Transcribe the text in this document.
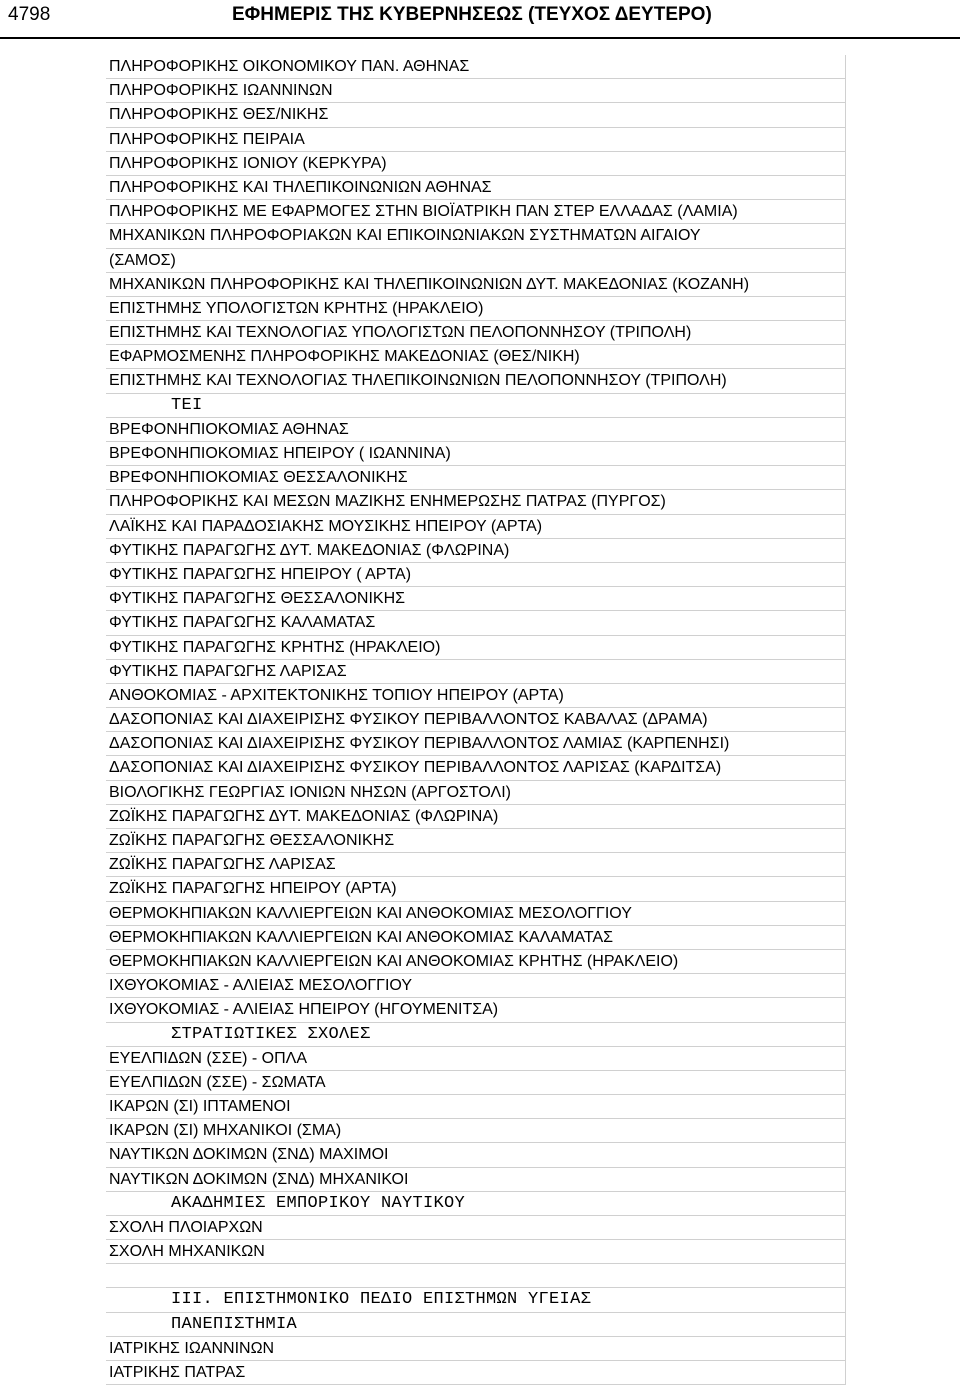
4798	ΕΦΗΜΕΡΙΣ ΤΗΣ ΚΥΒΕΡΝΗΣΕΩΣ (ΤΕΥΧΟΣ ΔΕΥΤΕΡΟ)
ΠΛΗΡΟΦΟΡΙΚΗΣ ΟΙΚΟΝΟΜΙΚΟΥ ΠΑΝ. ΑΘΗΝΑΣ
ΠΛΗΡΟΦΟΡΙΚΗΣ ΙΩΑΝΝΙΝΩΝ
ΠΛΗΡΟΦΟΡΙΚΗΣ ΘΕΣ/ΝΙΚΗΣ
ΠΛΗΡΟΦΟΡΙΚΗΣ ΠΕΙΡΑΙΑ
ΠΛΗΡΟΦΟΡΙΚΗΣ ΙΟΝΙΟΥ (ΚΕΡΚΥΡΑ)
ΠΛΗΡΟΦΟΡΙΚΗΣ ΚΑΙ ΤΗΛΕΠΙΚΟΙΝΩΝΙΩΝ ΑΘΗΝΑΣ
ΠΛΗΡΟΦΟΡΙΚΗΣ ΜΕ ΕΦΑΡΜΟΓΕΣ ΣΤΗΝ ΒΙΟΪΑΤΡΙΚΗ ΠΑΝ ΣΤΕΡ ΕΛΛΑΔΑΣ (ΛΑΜΙΑ)
ΜΗΧΑΝΙΚΩΝ ΠΛΗΡΟΦΟΡΙΑΚΩΝ ΚΑΙ ΕΠΙΚΟΙΝΩΝΙΑΚΩΝ ΣΥΣΤΗΜΑΤΩΝ ΑΙΓΑΙΟΥ
(ΣΑΜΟΣ)
ΜΗΧΑΝΙΚΩΝ ΠΛΗΡΟΦΟΡΙΚΗΣ ΚΑΙ ΤΗΛΕΠΙΚΟΙΝΩΝΙΩΝ ΔΥΤ. ΜΑΚΕΔΟΝΙΑΣ (ΚΟΖΑΝΗ)
ΕΠΙΣΤΗΜΗΣ ΥΠΟΛΟΓΙΣΤΩΝ ΚΡΗΤΗΣ (ΗΡΑΚΛΕΙΟ)
ΕΠΙΣΤΗΜΗΣ ΚΑΙ ΤΕΧΝΟΛΟΓΙΑΣ ΥΠΟΛΟΓΙΣΤΩΝ ΠΕΛΟΠΟΝΝΗΣΟΥ (ΤΡΙΠΟΛΗ)
ΕΦΑΡΜΟΣΜΕΝΗΣ ΠΛΗΡΟΦΟΡΙΚΗΣ ΜΑΚΕΔΟΝΙΑΣ (ΘΕΣ/ΝΙΚΗ)
ΕΠΙΣΤΗΜΗΣ ΚΑΙ ΤΕΧΝΟΛΟΓΙΑΣ ΤΗΛΕΠΙΚΟΙΝΩΝΙΩΝ ΠΕΛΟΠΟΝΝΗΣΟΥ (ΤΡΙΠΟΛΗ)
ΤΕΙ
ΒΡΕΦΟΝΗΠΙΟΚΟΜΙΑΣ ΑΘΗΝΑΣ
ΒΡΕΦΟΝΗΠΙΟΚΟΜΙΑΣ ΗΠΕΙΡΟΥ ( ΙΩΑΝΝΙΝΑ)
ΒΡΕΦΟΝΗΠΙΟΚΟΜΙΑΣ ΘΕΣΣΑΛΟΝΙΚΗΣ
ΠΛΗΡΟΦΟΡΙΚΗΣ ΚΑΙ ΜΕΣΩΝ ΜΑΖΙΚΗΣ ΕΝΗΜΕΡΩΣΗΣ ΠΑΤΡΑΣ (ΠΥΡΓΟΣ)
ΛΑΪΚΗΣ ΚΑΙ ΠΑΡΑΔΟΣΙΑΚΗΣ ΜΟΥΣΙΚΗΣ ΗΠΕΙΡΟΥ (ΑΡΤΑ)
ΦΥΤΙΚΗΣ ΠΑΡΑΓΩΓΗΣ ΔΥΤ. ΜΑΚΕΔΟΝΙΑΣ (ΦΛΩΡΙΝΑ)
ΦΥΤΙΚΗΣ ΠΑΡΑΓΩΓΗΣ ΗΠΕΙΡΟΥ ( ΑΡΤΑ)
ΦΥΤΙΚΗΣ ΠΑΡΑΓΩΓΗΣ ΘΕΣΣΑΛΟΝΙΚΗΣ
ΦΥΤΙΚΗΣ ΠΑΡΑΓΩΓΗΣ ΚΑΛΑΜΑΤΑΣ
ΦΥΤΙΚΗΣ ΠΑΡΑΓΩΓΗΣ ΚΡΗΤΗΣ (ΗΡΑΚΛΕΙΟ)
ΦΥΤΙΚΗΣ ΠΑΡΑΓΩΓΗΣ ΛΑΡΙΣΑΣ
ΑΝΘΟΚΟΜΙΑΣ - ΑΡΧΙΤΕΚΤΟΝΙΚΗΣ ΤΟΠΙΟΥ ΗΠΕΙΡΟΥ (ΑΡΤΑ)
ΔΑΣΟΠΟΝΙΑΣ ΚΑΙ ΔΙΑΧΕΙΡΙΣΗΣ ΦΥΣΙΚΟΥ ΠΕΡΙΒΑΛΛΟΝΤΟΣ ΚΑΒΑΛΑΣ (ΔΡΑΜΑ)
ΔΑΣΟΠΟΝΙΑΣ ΚΑΙ ΔΙΑΧΕΙΡΙΣΗΣ ΦΥΣΙΚΟΥ ΠΕΡΙΒΑΛΛΟΝΤΟΣ ΛΑΜΙΑΣ (ΚΑΡΠΕΝΗΣΙ)
ΔΑΣΟΠΟΝΙΑΣ ΚΑΙ ΔΙΑΧΕΙΡΙΣΗΣ ΦΥΣΙΚΟΥ ΠΕΡΙΒΑΛΛΟΝΤΟΣ ΛΑΡΙΣΑΣ (ΚΑΡΔΙΤΣΑ)
ΒΙΟΛΟΓΙΚΗΣ ΓΕΩΡΓΙΑΣ ΙΟΝΙΩΝ ΝΗΣΩΝ (ΑΡΓΟΣΤΟΛΙ)
ΖΩΪΚΗΣ ΠΑΡΑΓΩΓΗΣ ΔΥΤ. ΜΑΚΕΔΟΝΙΑΣ (ΦΛΩΡΙΝΑ)
ΖΩΪΚΗΣ ΠΑΡΑΓΩΓΗΣ ΘΕΣΣΑΛΟΝΙΚΗΣ
ΖΩΪΚΗΣ ΠΑΡΑΓΩΓΗΣ ΛΑΡΙΣΑΣ
ΖΩΪΚΗΣ ΠΑΡΑΓΩΓΗΣ ΗΠΕΙΡΟΥ (ΑΡΤΑ)
ΘΕΡΜΟΚΗΠΙΑΚΩΝ ΚΑΛΛΙΕΡΓΕΙΩΝ ΚΑΙ ΑΝΘΟΚΟΜΙΑΣ ΜΕΣΟΛΟΓΓΙΟΥ
ΘΕΡΜΟΚΗΠΙΑΚΩΝ ΚΑΛΛΙΕΡΓΕΙΩΝ ΚΑΙ ΑΝΘΟΚΟΜΙΑΣ ΚΑΛΑΜΑΤΑΣ
ΘΕΡΜΟΚΗΠΙΑΚΩΝ ΚΑΛΛΙΕΡΓΕΙΩΝ ΚΑΙ ΑΝΘΟΚΟΜΙΑΣ ΚΡΗΤΗΣ (ΗΡΑΚΛΕΙΟ)
ΙΧΘΥΟΚΟΜΙΑΣ - ΑΛΙΕΙΑΣ ΜΕΣΟΛΟΓΓΙΟΥ
ΙΧΘΥΟΚΟΜΙΑΣ - ΑΛΙΕΙΑΣ ΗΠΕΙΡΟΥ (ΗΓΟΥΜΕΝΙΤΣΑ)
ΣΤΡΑΤΙΩΤΙΚΕΣ ΣΧΟΛΕΣ
ΕΥΕΛΠΙΔΩΝ (ΣΣΕ) - ΟΠΛΑ
ΕΥΕΛΠΙΔΩΝ (ΣΣΕ) - ΣΩΜΑΤΑ
ΙΚΑΡΩΝ (ΣΙ) ΙΠΤΑΜΕΝΟΙ
ΙΚΑΡΩΝ (ΣΙ) ΜΗΧΑΝΙΚΟΙ (ΣΜΑ)
ΝΑΥΤΙΚΩΝ ΔΟΚΙΜΩΝ (ΣΝΔ) ΜΑΧΙΜΟΙ
ΝΑΥΤΙΚΩΝ ΔΟΚΙΜΩΝ (ΣΝΔ) ΜΗΧΑΝΙΚΟΙ
ΑΚΑΔΗΜΙΕΣ ΕΜΠΟΡΙΚΟΥ ΝΑΥΤΙΚΟΥ
ΣΧΟΛΗ ΠΛΟΙΑΡΧΩΝ
ΣΧΟΛΗ ΜΗΧΑΝΙΚΩΝ
ΙΙΙ. ΕΠΙΣΤΗΜΟΝΙΚΟ ΠΕΔΙΟ ΕΠΙΣΤΗΜΩΝ ΥΓΕΙΑΣ
ΠΑΝΕΠΙΣΤΗΜΙΑ
ΙΑΤΡΙΚΗΣ ΙΩΑΝΝΙΝΩΝ
ΙΑΤΡΙΚΗΣ ΠΑΤΡΑΣ
